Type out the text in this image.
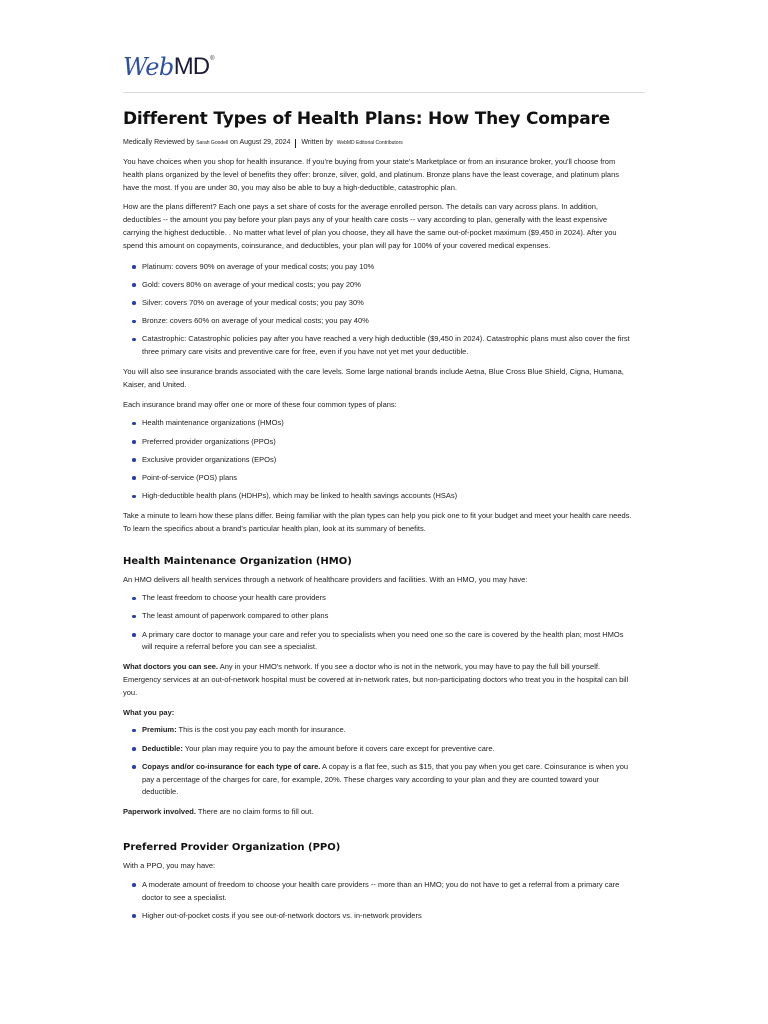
Web MD ®
Different Types of Health Plans: How They Compare
Medically Reviewed by Sarah Goodell on August 29, 2024 Written by WebMD Editorial Contributors

You have choices when you shop for health insurance. If you're buying from your state's Marketplace or from an insurance broker, you'll choose from health plans organized by the level of benefits they offer: bronze, silver, gold, and platinum. Bronze plans have the least coverage, and platinum plans have the most. If you are under 30, you may also be able to buy a high-deductible, catastrophic plan.

How are the plans different? Each one pays a set share of costs for the average enrolled person. The details can vary across plans. In addition, deductibles -- the amount you pay before your plan pays any of your health care costs -- vary according to plan, generally with the least expensive carrying the highest deductible. . No matter what level of plan you choose, they all have the same out-of-pocket maximum ($9,450 in 2024). After you spend this amount on copayments, coinsurance, and deductibles, your plan will pay for 100% of your covered medical expenses.

Platinum: covers 90% on average of your medical costs; you pay 10%
Gold: covers 80% on average of your medical costs; you pay 20%
Silver: covers 70% on average of your medical costs; you pay 30%
Bronze: covers 60% on average of your medical costs; you pay 40%
Catastrophic: Catastrophic policies pay after you have reached a very high deductible ($9,450 in 2024). Catastrophic plans must also cover the first three primary care visits and preventive care for free, even if you have not yet met your deductible.

You will also see insurance brands associated with the care levels. Some large national brands include Aetna, Blue Cross Blue Shield, Cigna, Humana, Kaiser, and United.

Each insurance brand may offer one or more of these four common types of plans:

Health maintenance organizations (HMOs)
Preferred provider organizations (PPOs)
Exclusive provider organizations (EPOs)
Point-of-service (POS) plans
High-deductible health plans (HDHPs), which may be linked to health savings accounts (HSAs)

Take a minute to learn how these plans differ. Being familiar with the plan types can help you pick one to fit your budget and meet your health care needs. To learn the specifics about a brand's particular health plan, look at its summary of benefits.

Health Maintenance Organization (HMO)

An HMO delivers all health services through a network of healthcare providers and facilities. With an HMO, you may have:

The least freedom to choose your health care providers
The least amount of paperwork compared to other plans
A primary care doctor to manage your care and refer you to specialists when you need one so the care is covered by the health plan; most HMOs will require a referral before you can see a specialist.

What doctors you can see. Any in your HMO's network. If you see a doctor who is not in the network, you may have to pay the full bill yourself. Emergency services at an out-of-network hospital must be covered at in-network rates, but non-participating doctors who treat you in the hospital can bill you.

What you pay:

Premium: This is the cost you pay each month for insurance.
Deductible: Your plan may require you to pay the amount before it covers care except for preventive care.
Copays and/or co-insurance for each type of care. A copay is a flat fee, such as $15, that you pay when you get care. Coinsurance is when you pay a percentage of the charges for care, for example, 20%. These charges vary according to your plan and they are counted toward your deductible.

Paperwork involved. There are no claim forms to fill out.

Preferred Provider Organization (PPO)

With a PPO, you may have:

A moderate amount of freedom to choose your health care providers -- more than an HMO; you do not have to get a referral from a primary care doctor to see a specialist.
Higher out-of-pocket costs if you see out-of-network doctors vs. in-network providers
